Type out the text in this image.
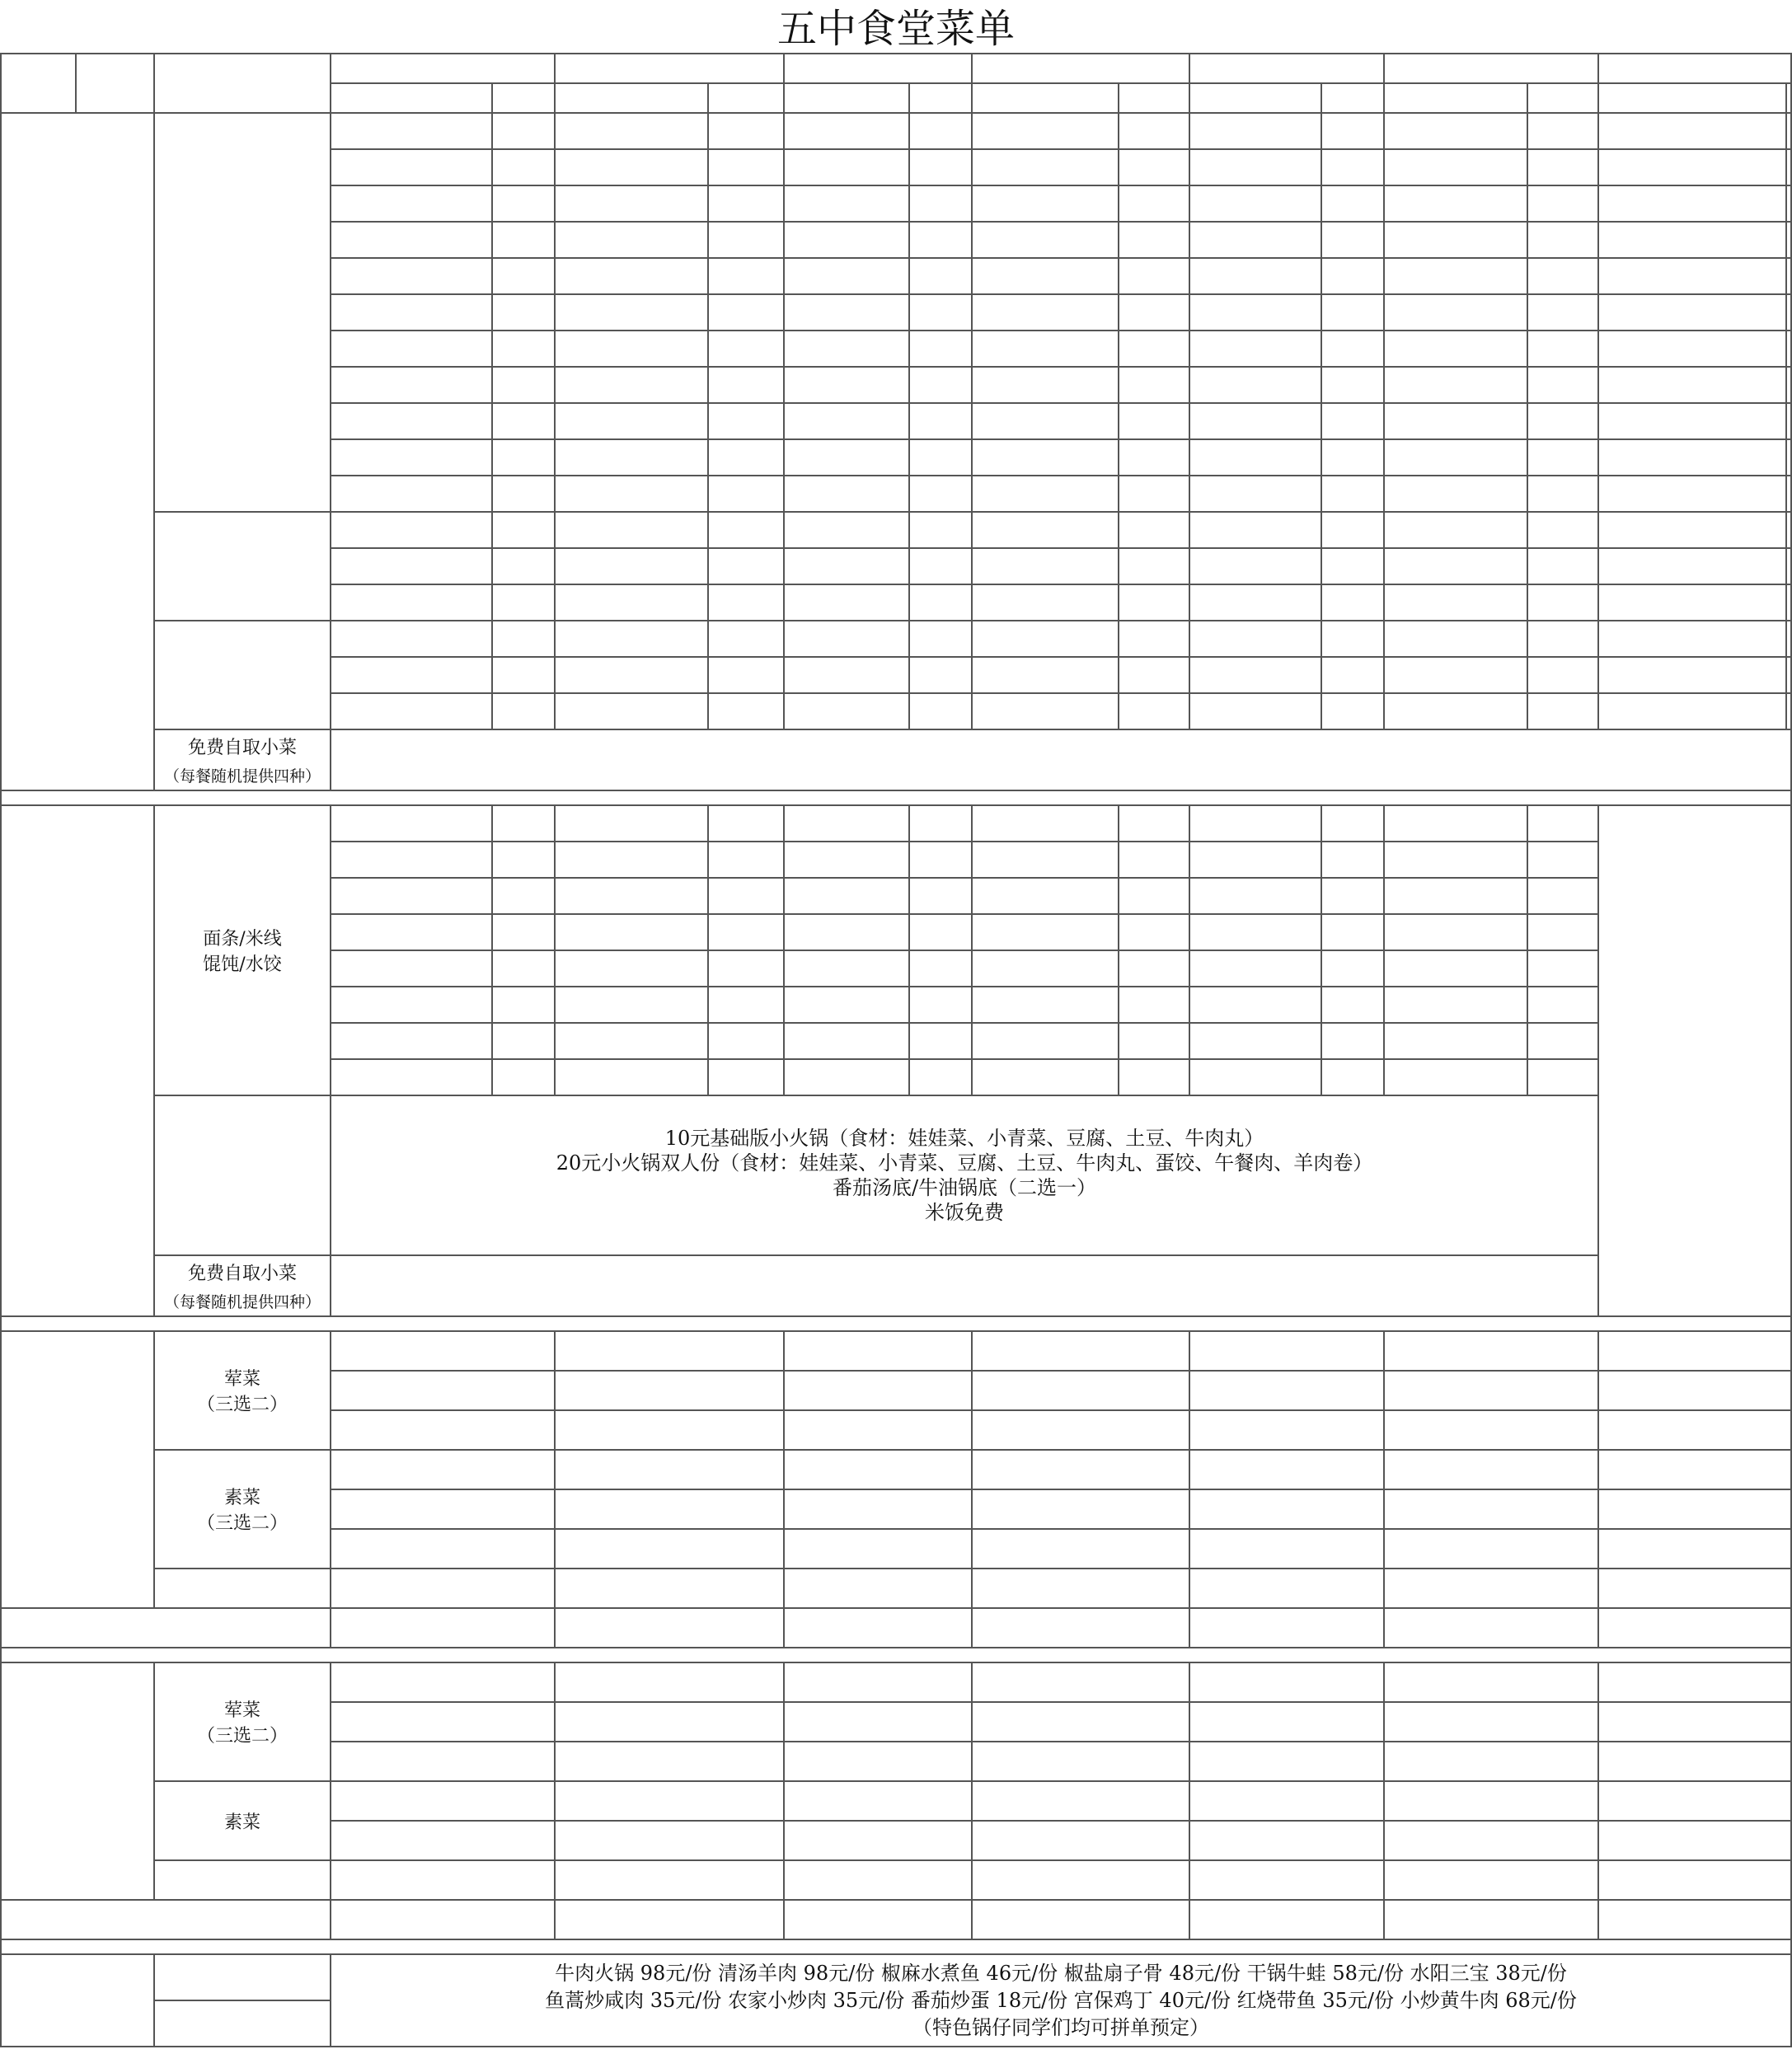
五中食堂菜单

		免费自取小菜
（每餐随机提供四种）														

		面条/米线
馄饨/水饺														

			10元基础版小火锅（食材：娃娃菜、小青菜、豆腐、土豆、牛肉丸）
20元小火锅双人份（食材：娃娃菜、小青菜、豆腐、土豆、牛肉丸、蛋饺、午餐肉、羊肉卷）
番茄汤底/牛油锅底（二选一）
米饭免费													

		免费自取小菜
（每餐随机提供四种）														

		荤菜
（三选二）														

		素菜
（三选二）														

		荤菜
（三选二）														

		素菜														

			牛肉火锅 98元/份 清汤羊肉 98元/份 椒麻水煮鱼 46元/份 椒盐扇子骨 48元/份 干锅牛蛙 58元/份 水阳三宝 38元/份
鱼蒿炒咸肉 35元/份 农家小炒肉 35元/份 番茄炒蛋 18元/份 宫保鸡丁 40元/份 红烧带鱼 35元/份 小炒黄牛肉 68元/份
（特色锅仔同学们均可拼单预定）													
